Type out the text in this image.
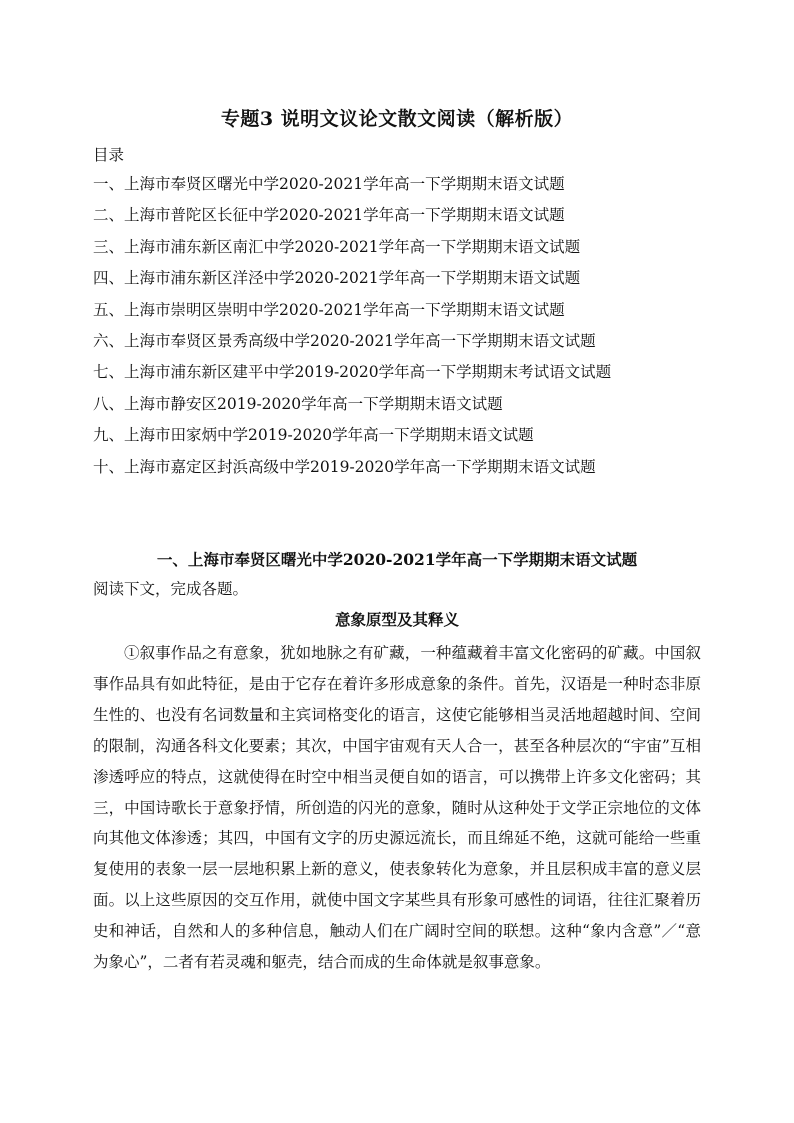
专题3 说明文议论文散文阅读（解析版）
目录
一、上海市奉贤区曙光中学2020-2021学年高一下学期期末语文试题
二、上海市普陀区长征中学2020-2021学年高一下学期期末语文试题
三、上海市浦东新区南汇中学2020-2021学年高一下学期期末语文试题
四、上海市浦东新区洋泾中学2020-2021学年高一下学期期末语文试题
五、上海市崇明区崇明中学2020-2021学年高一下学期期末语文试题
六、上海市奉贤区景秀高级中学2020-2021学年高一下学期期末语文试题
七、上海市浦东新区建平中学2019-2020学年高一下学期期末考试语文试题
八、上海市静安区2019-2020学年高一下学期期末语文试题
九、上海市田家炳中学2019-2020学年高一下学期期末语文试题
十、上海市嘉定区封浜高级中学2019-2020学年高一下学期期末语文试题
一、上海市奉贤区曙光中学2020-2021学年高一下学期期末语文试题
阅读下文，完成各题。
意象原型及其释义

①叙事作品之有意象，犹如地脉之有矿藏，一种蕴藏着丰富文化密码的矿藏。中国叙事作品具有如此特征，是由于它存在着许多形成意象的条件。首先，汉语是一种时态非原生性的、也没有名词数量和主宾词格变化的语言，这使它能够相当灵活地超越时间、空间的限制，沟通各科文化要素；其次，中国宇宙观有天人合一，甚至各种层次的“宇宙”互相渗透呼应的特点，这就使得在时空中相当灵便自如的语言，可以携带上许多文化密码；其三，中国诗歌长于意象抒情，所创造的闪光的意象，随时从这种处于文学正宗地位的文体向其他文体渗透；其四，中国有文字的历史源远流长，而且绵延不绝，这就可能给一些重复使用的表象一层一层地积累上新的意义，使表象转化为意象，并且层积成丰富的意义层面。以上这些原因的交互作用，就使中国文字某些具有形象可感性的词语，往往汇聚着历史和神话，自然和人的多种信息，触动人们在广阔时空间的联想。这种“象内含意”／“意为象心”，二者有若灵魂和躯壳，结合而成的生命体就是叙事意象。
